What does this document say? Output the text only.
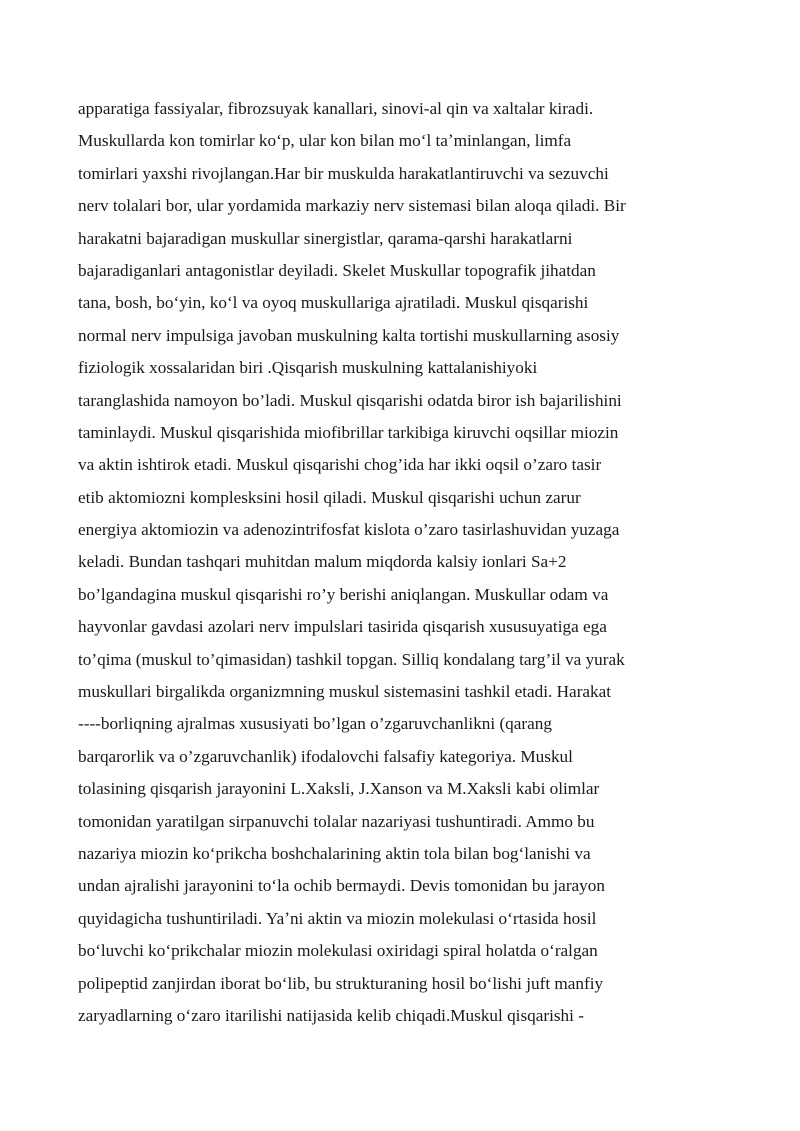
apparatiga fassiyalar, fibrozsuyak kanallari, sinovi-al qin va xaltalar kiradi.
Muskullarda kon tomirlar koʻp, ular kon bilan moʻl taʼminlangan, limfa
tomirlari yaxshi rivojlangan.Har bir muskulda harakatlantiruvchi va sezuvchi
nerv tolalari bor, ular yordamida markaziy nerv sistemasi bilan aloqa qiladi. Bir
harakatni bajaradigan muskullar sinergistlar, qarama-qarshi harakatlarni
bajaradiganlari antagonistlar deyiladi. Skelet Muskullar topografik jihatdan
tana, bosh, boʻyin, koʻl va oyoq muskullariga ajratiladi. Muskul qisqarishi
normal nerv impulsiga javoban muskulning kalta tortishi muskullarning asosiy
fiziologik xossalaridan biri .Qisqarish muskulning kattalanishiyoki
taranglashida namoyon bo’ladi. Muskul qisqarishi odatda biror ish bajarilishini
taminlaydi. Muskul qisqarishida miofibrillar tarkibiga kiruvchi oqsillar miozin
va aktin ishtirok etadi. Muskul qisqarishi chog’ida har ikki oqsil o’zaro tasir
etib aktomiozni komplesksini hosil qiladi. Muskul qisqarishi uchun zarur
energiya aktomiozin va adenozintrifosfat kislota o’zaro tasirlashuvidan yuzaga
keladi. Bundan tashqari muhitdan malum miqdorda kalsiy ionlari Sa+2
bo’lgandagina muskul qisqarishi ro’y berishi aniqlangan. Muskullar odam va
hayvonlar gavdasi azolari nerv impulslari tasirida qisqarish xususuyatiga ega
to’qima (muskul to’qimasidan) tashkil topgan. Silliq kondalang targ’il va yurak
muskullari birgalikda organizmning muskul sistemasini tashkil etadi. Harakat
----borliqning ajralmas xususiyati bo’lgan o’zgaruvchanlikni (qarang
barqarorlik va o’zgaruvchanlik) ifodalovchi falsafiy kategoriya. Muskul
tolasining qisqarish jarayonini L.Xaksli, J.Xanson va M.Xaksli kabi olimlar
tomonidan yaratilgan sirpanuvchi tolalar nazariyasi tushuntiradi. Ammo bu
nazariya miozin koʻprikcha boshchalarining aktin tola bilan bogʻlanishi va
undan ajralishi jarayonini toʻla ochib bermaydi. Devis tomonidan bu jarayon
quyidagicha tushuntiriladi. Yaʼni aktin va miozin molekulasi oʻrtasida hosil
boʻluvchi koʻprikchalar miozin molekulasi oxiridagi spiral holatda oʻralgan
polipeptid zanjirdan iborat boʻlib, bu strukturaning hosil boʻlishi juft manfiy
zaryadlarning oʻzaro itarilishi natijasida kelib chiqadi.Muskul qisqarishi -
